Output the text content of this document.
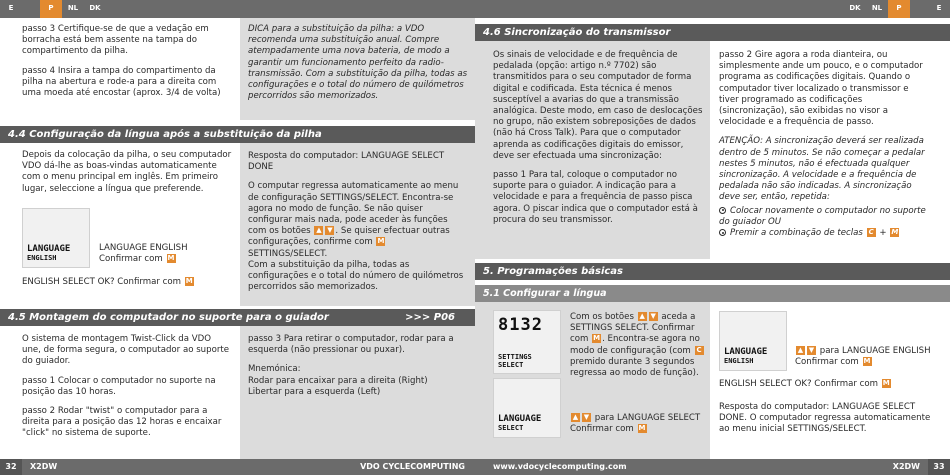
E	P NL DK	DK NL P	E

passo 3 Certifique-se de que a vedação em borracha está bem assente na tampa do compartimento da pilha.

passo 4 Insira a tampa do compartimento da pilha na abertura e rode-a para a direita com uma moeda até encostar (aprox. 3/4 de volta)

DICA para a substituição da pilha: a VDO recomenda uma substituição anual. Compre atempadamente uma nova bateria, de modo a garantir um funcionamento perfeito da radio-transmissão. Com a substituição da pilha, todas as configurações e o total do número de quilómetros percorridos são memorizados.
4.4 Configuração da língua após a substituição da pilha
Depois da colocação da pilha, o seu computador VDO dá-lhe as boas-vindas automaticamente com o menu principal em inglês. Em primeiro lugar, seleccione a língua que preferende.
LANGUAGE
ENGLISH
LANGUAGE ENGLISH
Confirmar com M
ENGLISH SELECT OK? Confirmar com M

Resposta do computador: LANGUAGE SELECT DONE

O computar regressa automaticamente ao menu de configuração SETTINGS/SELECT. Encontra-se agora no modo de função. Se não quiser configurar mais nada, pode aceder às funções com os botões ▲ ▼ . Se quiser efectuar outras configurações, confirme com M SETTINGS/SELECT.

Com a substituição da pilha, todas as configurações e o total do número de quilómetros percorridos são memorizados.

4.5 Montagem do computador no suporte para o guiador	>>> P06

O sistema de montagem Twist-Click da VDO une, de forma segura, o computador ao suporte do guiador.

passo 1 Colocar o computador no suporte na posição das 10 horas.

passo 2 Rodar "twist" o computador para a direita para a posição das 12 horas e encaixar "click" no sistema de suporte.

passo 3 Para retirar o computador, rodar para a esquerda (não pressionar ou puxar).

Mnemónica:
Rodar para encaixar para a direita (Right)
Libertar para a esquerda (Left)
4.6 Sincronização do transmissor

Os sinais de velocidade e de frequência de pedalada (opção: artigo n.º 7702) são transmitidos para o seu computador de forma digital e codificada. Esta técnica é menos susceptível a avarias do que a transmissão analógica. Deste modo, em caso de deslocações no grupo, não existem sobreposições de dados (não há Cross Talk). Para que o computador aprenda as codificações digitais do emissor, deve ser efectuada uma sincronização:

passo 1 Para tal, coloque o computador no suporte para o guiador. A indicação para a velocidade e para a frequência de passo pisca agora. O piscar indica que o computador está à procura do seu transmissor.

passo 2 Gire agora a roda dianteira, ou simplesmente ande um pouco, e o computador programa as codificações digitais. Quando o computador tiver localizado o transmissor e tiver programado as codificações (sincronização), são exibidas no visor a velocidade e a frequência de passo.

ATENÇÃO: A sincronização deverá ser realizada dentro de 5 minutos. Se não começar a pedalar nestes 5 minutos, não é efectuada qualquer sincronização. A velocidade e a frequência de pedalada não são indicadas. A sincronização deve ser, então, repetida:

Colocar novamente o computador no suporte do guiador OU
Premir a combinação de teclas C + M
5. Programações básicas
5.1 Configurar a língua
8132
SETTINGS SELECT
Com os botões ▲ ▼ aceda a SETTINGS SELECT. Confirmar com M . Encontra-se agora no modo de configuração (com C premido durante 3 segundos regressa ao modo de função).
LANGUAGE
SELECT
▲ ▼ para LANGUAGE SELECT
Confirmar com M
LANGUAGE
ENGLISH
▲ ▼ para LANGUAGE ENGLISH
Confirmar com M
ENGLISH SELECT OK? Confirmar com M
Resposta do computador: LANGUAGE SELECT DONE. O computador regressa automaticamente ao menu inicial SETTINGS/SELECT.
32	X2DW	VDO CYCLECOMPUTING	www.vdocyclecomputing.com	X2DW	33
